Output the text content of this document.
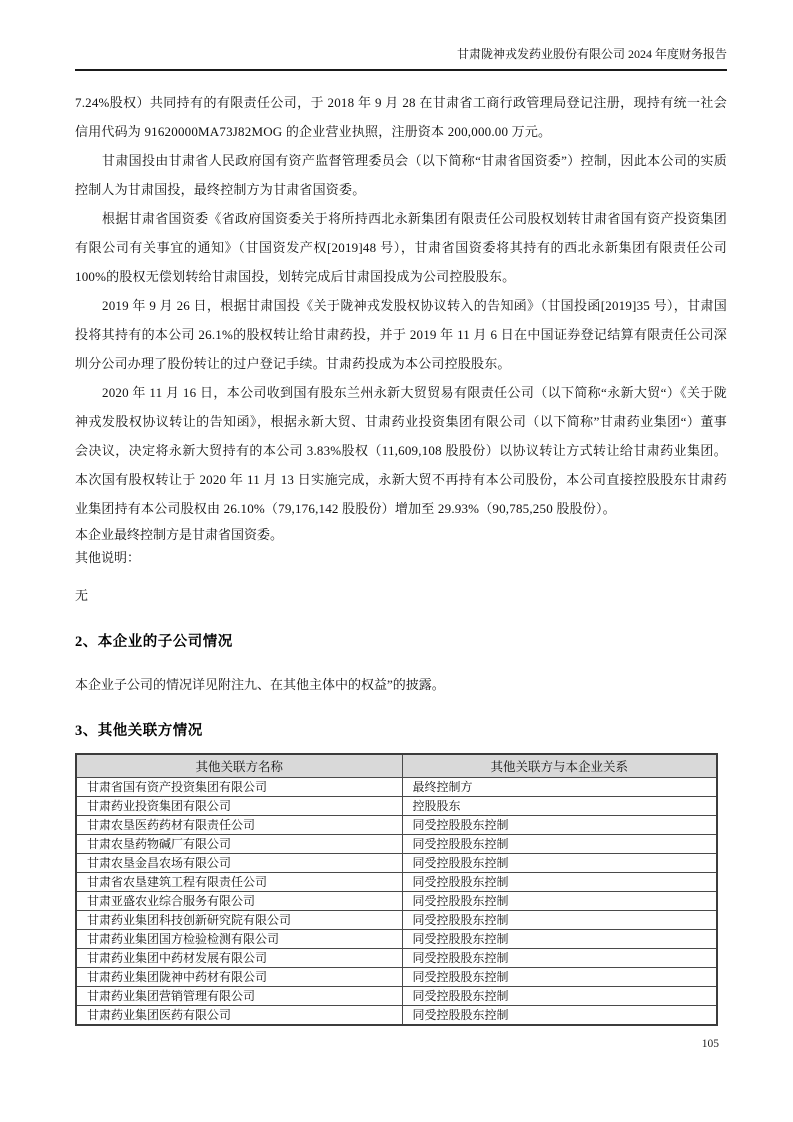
甘肃陇神戎发药业股份有限公司 2024 年度财务报告

7.24%股权）共同持有的有限责任公司，于 2018 年 9 月 28 在甘肃省工商行政管理局登记注册，现持有统一社会信用代码为 91620000MA73J82MOG 的企业营业执照，注册资本 200,000.00 万元。

甘肃国投由甘肃省人民政府国有资产监督管理委员会（以下简称“甘肃省国资委”）控制，因此本公司的实质控制人为甘肃国投，最终控制方为甘肃省国资委。

根据甘肃省国资委《省政府国资委关于将所持西北永新集团有限责任公司股权划转甘肃省国有资产投资集团有限公司有关事宜的通知》（甘国资发产权[2019]48 号），甘肃省国资委将其持有的西北永新集团有限责任公司 100%的股权无偿划转给甘肃国投，划转完成后甘肃国投成为公司控股股东。

2019 年 9 月 26 日，根据甘肃国投《关于陇神戎发股权协议转入的告知函》（甘国投函[2019]35 号），甘肃国投将其持有的本公司 26.1%的股权转让给甘肃药投，并于 2019 年 11 月 6 日在中国证券登记结算有限责任公司深圳分公司办理了股份转让的过户登记手续。甘肃药投成为本公司控股股东。

2020 年 11 月 16 日，本公司收到国有股东兰州永新大贸贸易有限责任公司（以下简称“永新大贸“）《关于陇神戎发股权协议转让的告知函》，根据永新大贸、甘肃药业投资集团有限公司（以下简称”甘肃药业集团“）董事会决议，决定将永新大贸持有的本公司 3.83%股权（11,609,108 股股份）以协议转让方式转让给甘肃药业集团。本次国有股权转让于 2020 年 11 月 13 日实施完成，永新大贸不再持有本公司股份，本公司直接控股股东甘肃药业集团持有本公司股权由 26.10%（79,176,142 股股份）增加至 29.93%（90,785,250 股股份）。

本企业最终控制方是甘肃省国资委。

其他说明：

无

2、本企业的子公司情况

本企业子公司的情况详见附注九、在其他主体中的权益”的披露。

3、其他关联方情况
其他关联方名称	其他关联方与本企业关系
甘肃省国有资产投资集团有限公司	最终控制方
甘肃药业投资集团有限公司	控股股东
甘肃农垦医药药材有限责任公司	同受控股股东控制
甘肃农垦药物碱厂有限公司	同受控股股东控制
甘肃农垦金昌农场有限公司	同受控股股东控制
甘肃省农垦建筑工程有限责任公司	同受控股股东控制
甘肃亚盛农业综合服务有限公司	同受控股股东控制
甘肃药业集团科技创新研究院有限公司	同受控股股东控制
甘肃药业集团国方检验检测有限公司	同受控股股东控制
甘肃药业集团中药材发展有限公司	同受控股股东控制
甘肃药业集团陇神中药材有限公司	同受控股股东控制
甘肃药业集团营销管理有限公司	同受控股股东控制
甘肃药业集团医药有限公司	同受控股股东控制
105
